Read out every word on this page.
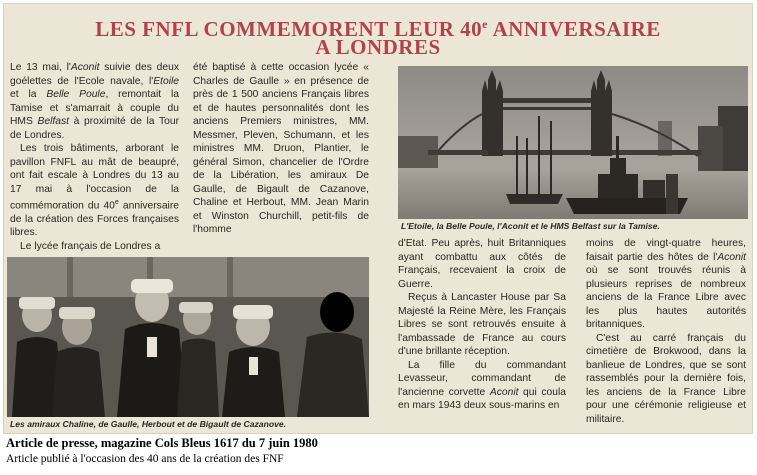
LES FNFL COMMEMORENT LEUR 40e ANNIVERSAIRE
A LONDRES

Le 13 mai, l'Aconit suivie des deux goélettes de l'Ecole navale, l'Etoile et la Belle Poule, remontait la Tamise et s'amarrait à couple du HMS Belfast à proximité de la Tour de Londres.

Les trois bâtiments, arborant le pavillon FNFL au mât de beaupré, ont fait escale à Londres du 13 au 17 mai à l'occasion de la commémoration du 40e anniversaire de la création des Forces françaises libres.

Le lycée français de Londres a

été baptisé à cette occasion lycée « Charles de Gaulle » en présence de près de 1 500 anciens Français libres et de hautes personnalités dont les anciens Premiers ministres, MM. Messmer, Pleven, Schumann, et les ministres MM. Druon, Plantier, le général Simon, chancelier de l'Ordre de la Libération, les amiraux De Gaulle, de Bigault de Cazanove, Chaline et Herbout, MM. Jean Marin et Winston Churchill, petit-fils de l'homme	L'Etoile, la Belle Poule, l'Aconit et le HMS Belfast sur la Tamise.

d'Etat. Peu après, huit Britanniques ayant combattu aux côtés de Français, recevaient la croix de Guerre.

Reçus à Lancaster House par Sa Majesté la Reine Mère, les Français Libres se sont retrouvés ensuite à l'ambassade de France au cours d'une brillante réception.

La fille du commandant Levasseur, commandant de l'ancienne corvette Aconit qui coula en mars 1943 deux sous-marins en

moins de vingt-quatre heures, faisait partie des hôtes de l'Aconit où se sont trouvés réunis à plusieurs reprises de nombreux anciens de la France Libre avec les plus hautes autorités britanniques.

C'est au carré français du cimetière de Brokwood, dans la banlieue de Londres, que se sont rassemblés pour la dernière fois, les anciens de la France Libre pour une cérémonie religieuse et militaire.

Les amiraux Chaline, de Gaulle, Herbout et de Bigault de Cazanove.
Article de presse, magazine Cols Bleus 1617 du 7 juin 1980
Article publié à l'occasion des 40 ans de la création des FNF
